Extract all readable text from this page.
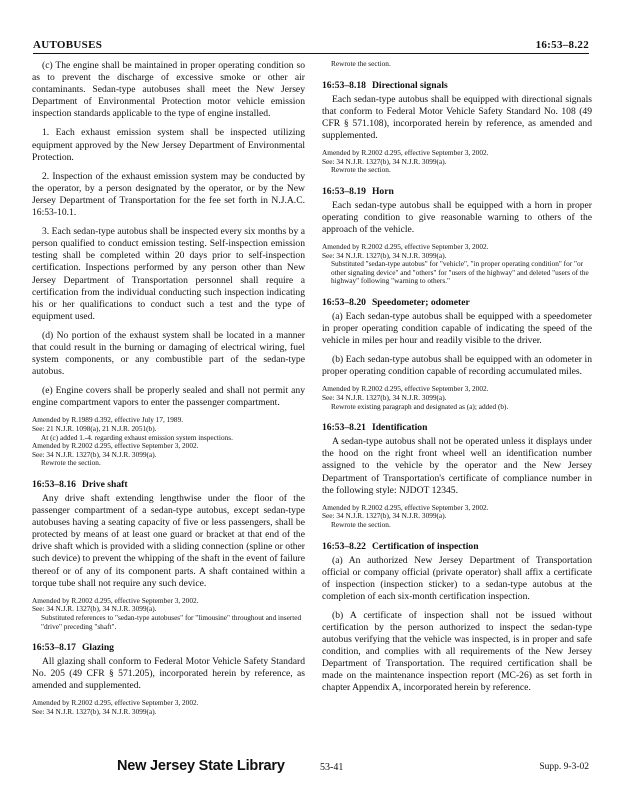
AUTOBUSES	16:53–8.22

(c) The engine shall be maintained in proper operating condition so as to prevent the discharge of excessive smoke or other air contaminants. Sedan-type autobuses shall meet the New Jersey Department of Environmental Protection motor vehicle emission inspection standards applicable to the type of engine installed.

1. Each exhaust emission system shall be inspected utilizing equipment approved by the New Jersey Department of Environmental Protection.

2. Inspection of the exhaust emission system may be conducted by the operator, by a person designated by the operator, or by the New Jersey Department of Transportation for the fee set forth in N.J.A.C. 16:53-10.1.

3. Each sedan-type autobus shall be inspected every six months by a person qualified to conduct emission testing. Self-inspection emission testing shall be completed within 20 days prior to self-inspection certification. Inspections performed by any person other than New Jersey Department of Transportation personnel shall require a certification from the individual conducting such inspection indicating his or her qualifications to conduct such a test and the type of equipment used.

(d) No portion of the exhaust system shall be located in a manner that could result in the burning or damaging of electrical wiring, fuel system components, or any combustible part of the sedan-type autobus.

(e) Engine covers shall be properly sealed and shall not permit any engine compartment vapors to enter the passenger compartment.

Amended by R.1989 d.392, effective July 17, 1989.

See: 21 N.J.R. 1098(a), 21 N.J.R. 2051(b).

At (c) added 1.-4. regarding exhaust emission system inspections.

Amended by R.2002 d.295, effective September 3, 2002.

See: 34 N.J.R. 1327(b), 34 N.J.R. 3099(a).

Rewrote the section.

16:53–8.16 Drive shaft

Any drive shaft extending lengthwise under the floor of the passenger compartment of a sedan-type autobus, except sedan-type autobuses having a seating capacity of five or less passengers, shall be protected by means of at least one guard or bracket at that end of the drive shaft which is provided with a sliding connection (spline or other such device) to prevent the whipping of the shaft in the event of failure thereof or of any of its component parts. A shaft contained within a torque tube shall not require any such device.

Amended by R.2002 d.295, effective September 3, 2002.

See: 34 N.J.R. 1327(b), 34 N.J.R. 3099(a).

Substituted references to "sedan-type autobuses" for "limousine" throughout and inserted "drive" preceding "shaft".

16:53–8.17 Glazing

All glazing shall conform to Federal Motor Vehicle Safety Standard No. 205 (49 CFR § 571.205), incorporated herein by reference, as amended and supplemented.

Amended by R.2002 d.295, effective September 3, 2002.

See: 34 N.J.R. 1327(b), 34 N.J.R. 3099(a).

Rewrote the section.

16:53–8.18 Directional signals

Each sedan-type autobus shall be equipped with directional signals that conform to Federal Motor Vehicle Safety Standard No. 108 (49 CFR § 571.108), incorporated herein by reference, as amended and supplemented.

Amended by R.2002 d.295, effective September 3, 2002.

See: 34 N.J.R. 1327(b), 34 N.J.R. 3099(a).

Rewrote the section.

16:53–8.19 Horn

Each sedan-type autobus shall be equipped with a horn in proper operating condition to give reasonable warning to others of the approach of the vehicle.

Amended by R.2002 d.295, effective September 3, 2002.

See: 34 N.J.R. 1327(b), 34 N.J.R. 3099(a).

Substituted "sedan-type autobus" for "vehicle", "in proper operating condition" for "or other signaling device" and "others" for "users of the highway" and deleted "users of the highway" following "warning to others."

16:53–8.20 Speedometer; odometer

(a) Each sedan-type autobus shall be equipped with a speedometer in proper operating condition capable of indicating the speed of the vehicle in miles per hour and readily visible to the driver.

(b) Each sedan-type autobus shall be equipped with an odometer in proper operating condition capable of recording accumulated miles.

Amended by R.2002 d.295, effective September 3, 2002.

See: 34 N.J.R. 1327(b), 34 N.J.R. 3099(a).

Rewrote existing paragraph and designated as (a); added (b).

16:53–8.21 Identification

A sedan-type autobus shall not be operated unless it displays under the hood on the right front wheel well an identification number assigned to the vehicle by the operator and the New Jersey Department of Transportation's certificate of compliance number in the following style: NJDOT 12345.

Amended by R.2002 d.295, effective September 3, 2002.

See: 34 N.J.R. 1327(b), 34 N.J.R. 3099(a).

Rewrote the section.

16:53–8.22 Certification of inspection

(a) An authorized New Jersey Department of Transportation official or company official (private operator) shall affix a certificate of inspection (inspection sticker) to a sedan-type autobus at the completion of each six-month certification inspection.

(b) A certificate of inspection shall not be issued without certification by the person authorized to inspect the sedan-type autobus verifying that the vehicle was inspected, is in proper and safe condition, and complies with all requirements of the New Jersey Department of Transportation. The required certification shall be made on the maintenance inspection report (MC-26) as set forth in chapter Appendix A, incorporated herein by reference.

New Jersey State Library	53-41	Supp. 9-3-02
